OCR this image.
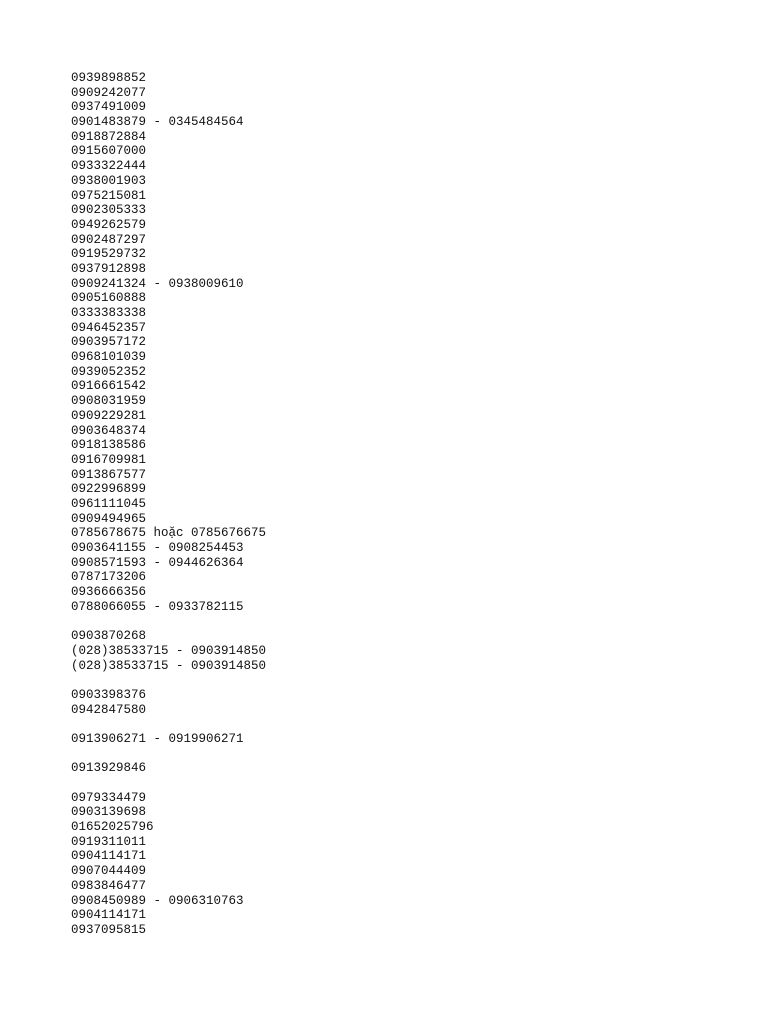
0939898852
0909242077
0937491009
0901483879 - 0345484564
0918872884
0915607000
0933322444
0938001903
0975215081
0902305333
0949262579
0902487297
0919529732
0937912898
0909241324 - 0938009610
0905160888
0333383338
0946452357
0903957172
0968101039
0939052352
0916661542
0908031959
0909229281
0903648374
0918138586
0916709981
0913867577
0922996899
0961111045
0909494965
0785678675 hoặc 0785676675
0903641155 - 0908254453
0908571593 - 0944626364
0787173206
0936666356
0788066055 - 0933782115
0903870268
(028)38533715 - 0903914850
(028)38533715 - 0903914850
0903398376
0942847580
0913906271 - 0919906271
0913929846
0979334479
0903139698
01652025796
0919311011
0904114171
0907044409
0983846477
0908450989 - 0906310763
0904114171
0937095815
